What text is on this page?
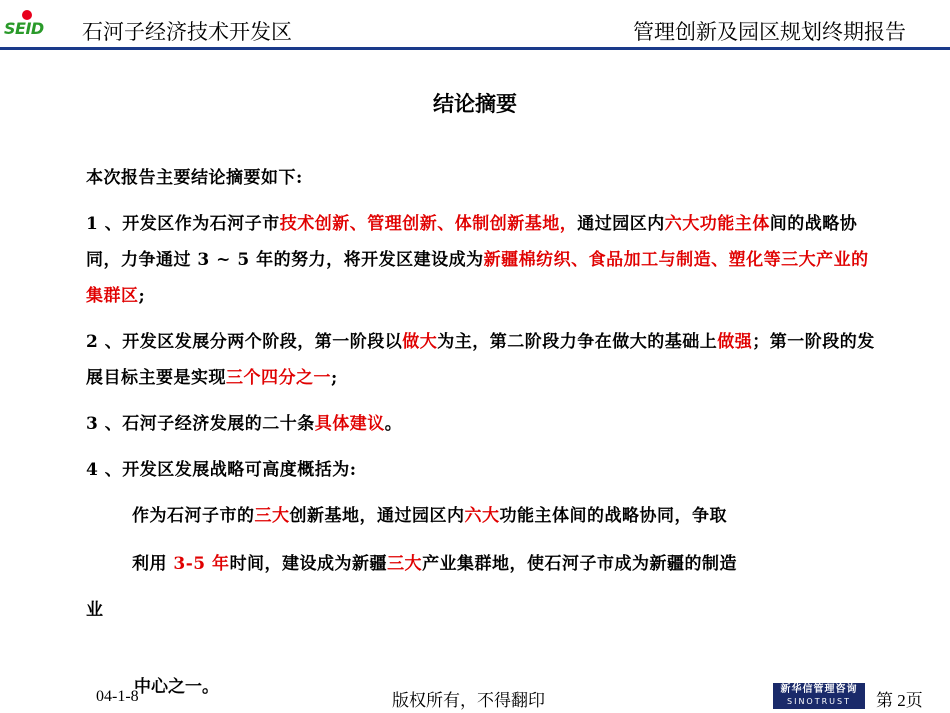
SEID 石河子经济技术开发区	管理创新及园区规划终期报告
结论摘要

本次报告主要结论摘要如下:

1 、开发区作为石河子市技术创新、管理创新、体制创新基地，通过园区内六大功能主体间的战略协同，力争通过 3 ~ 5 年的努力，将开发区建设成为新疆棉纺织、食品加工与制造、塑化等三大产业的集群区;

2 、开发区发展分两个阶段，第一阶段以做大为主，第二阶段力争在做大的基础上做强；第一阶段的发展目标主要是实现三个四分之一;

3 、石河子经济发展的二十条具体建议。

4 、开发区发展战略可高度概括为:

作为石河子市的三大创新基地，通过园区内六大功能主体间的战略协同，争取

利用 3-5 年时间，建设成为新疆三大产业集群地，使石河子市成为新疆的制造

业

04-1-8	版权所有，不得翻印
新华信管理咨询
SINOTRUST	第 2页
中心之一。
